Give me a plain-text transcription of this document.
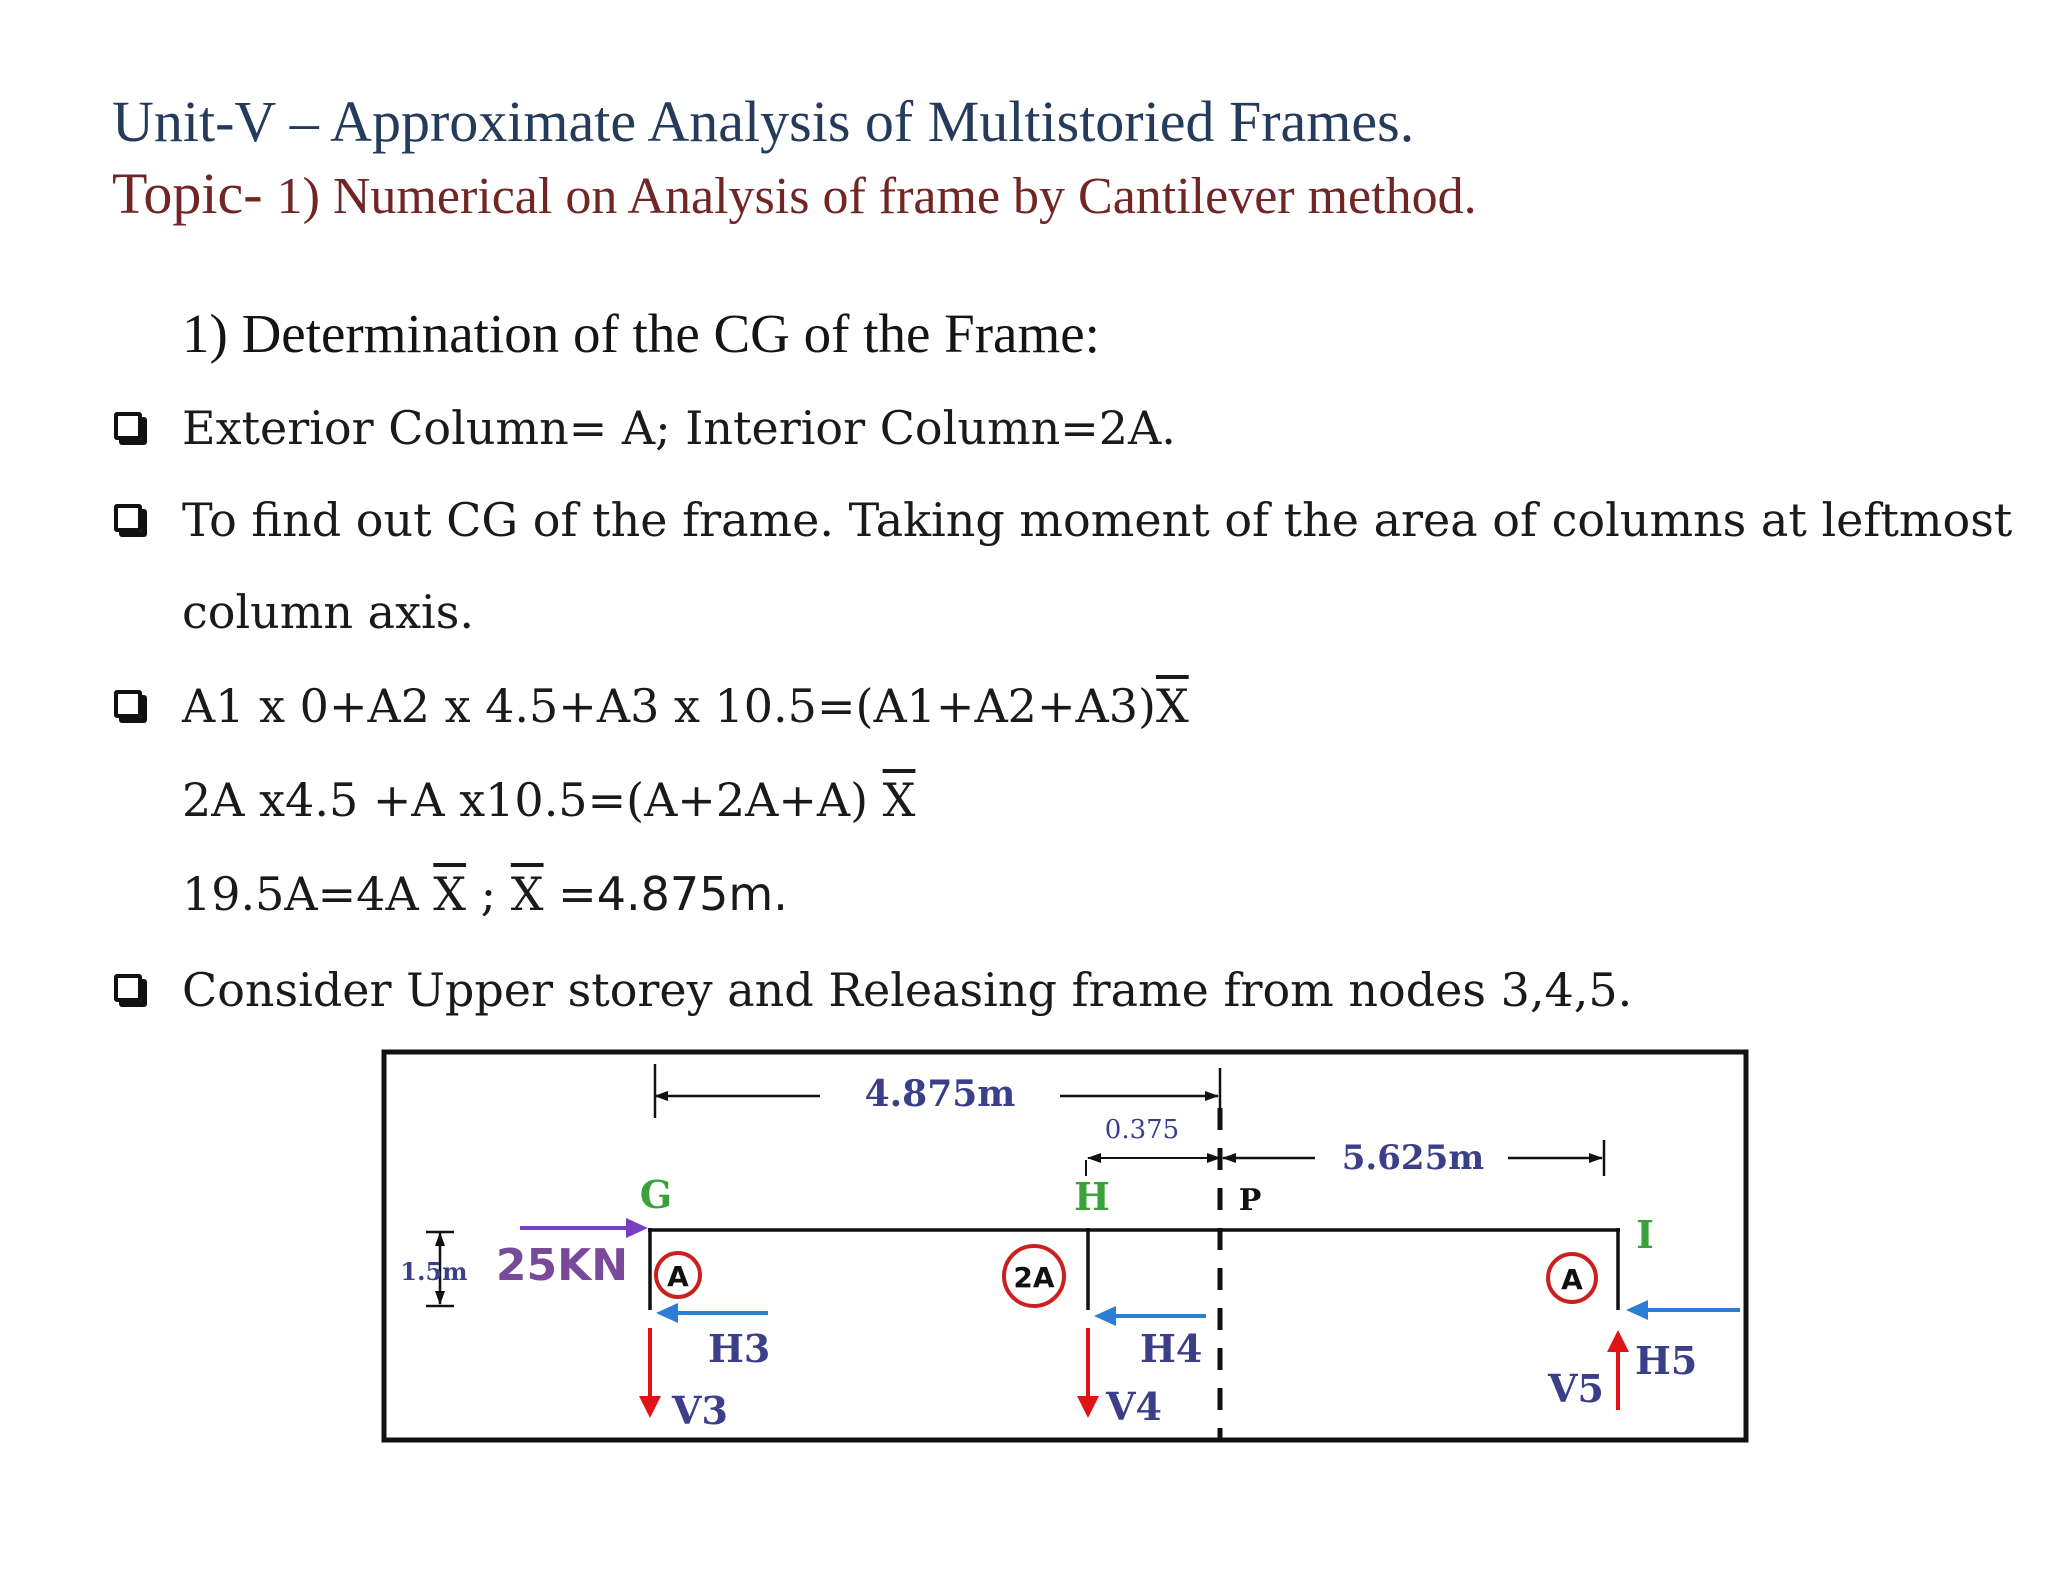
Unit-V – Approximate Analysis of Multistoried Frames.
Topic- 1) Numerical on Analysis of frame by Cantilever method.
1) Determination of the CG of the Frame:
Exterior Column= A; Interior Column=2A.
To find out CG of the frame. Taking moment of the area of columns at leftmost
column axis.
A1 x 0+A2 x 4.5+A3 x $10.5=(A1+A2+A3)\overline{X}$
2A x4.5 +A x10.5=(A+2A+A) $\overline{X}$
19.5A=4A $\overline{X}$ ; $\overline{X} =4.875m$.
Consider Upper storey and Releasing frame from nodes 3,4,5.
4.875m
0.375
5.625m
G	H	P
I
1.5m 25KN A	2A	A
H3	H4	H5
V3	V4	V5
